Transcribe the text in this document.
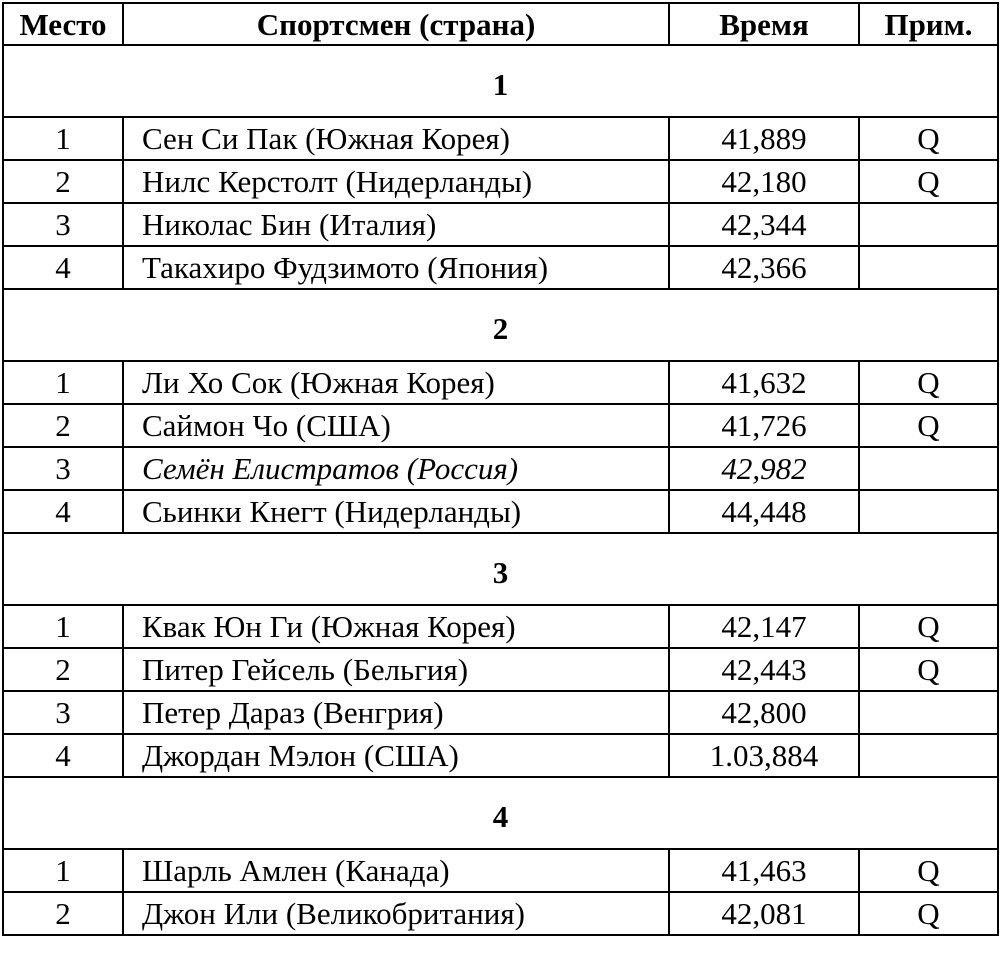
Место	Спортсмен (страна)	Время	Прим.
1			
1	Сен Си Пак (Южная Корея)	41,889	Q
2	Нилс Керстолт (Нидерланды)	42,180	Q
3	Николас Бин (Италия)	42,344	
4	Такахиро Фудзимото (Япония)	42,366	
2			
1	Ли Хо Сок (Южная Корея)	41,632	Q
2	Саймон Чо (США)	41,726	Q
3	Семён Елистратов (Россия)	42,982	
4	Сьинки Кнегт (Нидерланды)	44,448	
3			
1	Квак Юн Ги (Южная Корея)	42,147	Q
2	Питер Гейсель (Бельгия)	42,443	Q
3	Петер Дараз (Венгрия)	42,800	
4	Джордан Мэлон (США)	1.03,884	
4			
1	Шарль Амлен (Канада)	41,463	Q
2	Джон Или (Великобритания)	42,081	Q
